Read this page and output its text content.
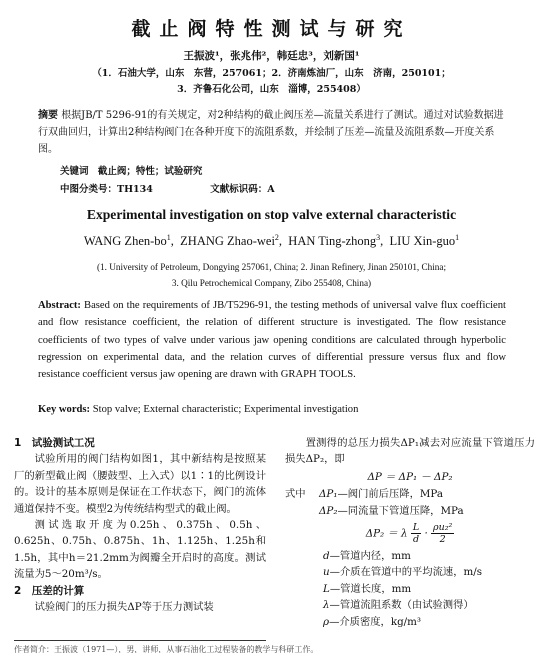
截止阀特性测试与研究
王振波¹，张兆伟²，韩廷忠³，刘新国¹
（1．石油大学，山东　东营，257061；2．济南炼油厂，山东　济南，250101；
3．齐鲁石化公司，山东　淄博，255408）
摘要 根据JB/T 5296-91的有关规定，对2种结构的截止阀压差—流量关系进行了测试。通过对试验数据进行双曲回归，计算出2种结构阀门在各种开度下的流阻系数，并绘制了压差—流量及流阻系数—开度关系图。
关键词 截止阀；特性；试验研究
中图分类号：TH134	文献标识码：A
Experimental investigation on stop valve external characteristic
WANG Zhen-$bo^1$,  ZHANG Zhao-wei$^2$,  HAN Ting-zhong$^3$,  LIU Xin-guo$^1$
(1. University of Petroleum, Dongying 257061, China; 2. Jinan Refinery, Jinan 250101, China;
3. Qilu Petrochemical Company, Zibo 255408, China)
Abstract: Based on the requirements of JB/T5296-91, the testing methods of universal valve flux coefficient and flow resistance coefficient, the relation of different structure is investigated. The flow resistance coefficients of two types of valve under various jaw opening conditions are calculated through hyperbolic regression on experimental data, and the relation curves of differential pressure versus flux and flow resistance coefficient versus jaw opening are drawn with GRAPH TOOLS.
Key words: Stop valve; External characteristic; Experimental investigation
1　试验测试工况
试验所用的阀门结构如图1，其中新结构是按照某厂的新型截止阀（腰鼓型、上入式）以1∶1的比例设计的。设计的基本原则是保证在工作状态下，阀门的流体通道保持不变。模型2为传统结构型式的截止阀。
测试选取开度为0.25h、0.375h、0.5h、0.625h、0.75h、0.875h、1h、1.125h、1.25h和1.5h，其中h＝21.2mm为阀瓣全开启时的高度。测试流量为5～20m³/s。
2　压差的计算
试验阀门的压力损失ΔP等于压力测试装
置测得的总压力损失ΔP₁减去对应流量下管道压力损失ΔP₂，即
ΔP ＝ ΔP₁ － ΔP₂
式中	ΔP₁ —阀门前后压降，MPa
ΔP₂ —同流量下管道压降，MPa
ΔP₂ ＝ λ $\frac{L}{d} \cdot \frac{\text{ρu₂²}}{2}$
d—管道内径，mm
u—介质在管道中的平均流速，m/s
L—管道长度，mm
λ—管道流阻系数（由试验测得）
ρ—介质密度，kg/m³
作者简介：王振波（1971—），男，讲师，从事石油化工过程装备的教学与科研工作。
